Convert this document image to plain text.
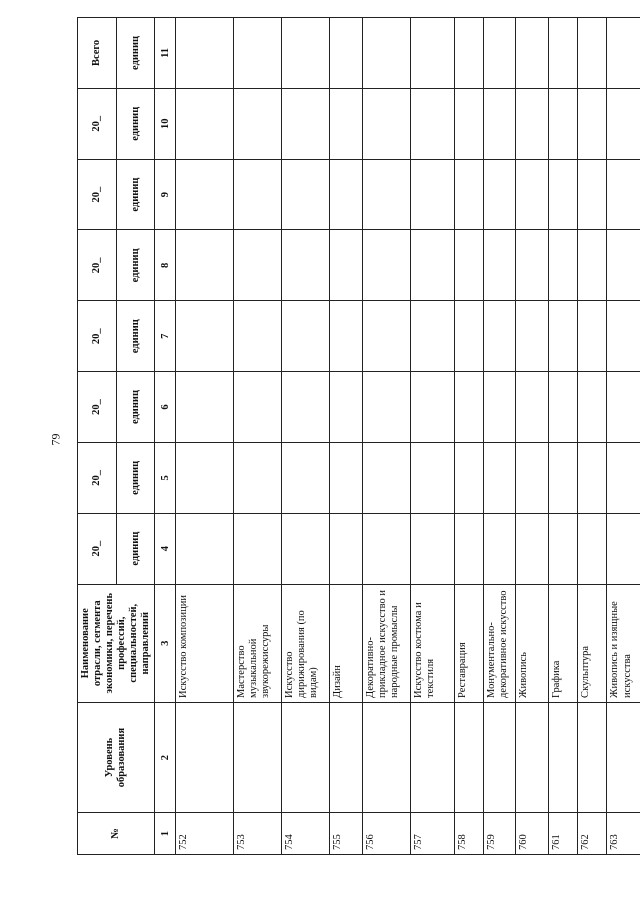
79
№	Уровень образования	Наименование отрасли, сегмента экономики, перечень профессий, специальностей, направлений	20_	20_	20_	20_	20_	20_	20_	Всего
			единиц	единиц	единиц	единиц	единиц	единиц	единиц	единиц
1	2	3	4	5	6	7	8	9	10	11
752		Искусство композиции								
753		Мастерство музыкальной звукорежиссуры								
754		Искусство дирижирования (по видам)								
755		Дизайн								
756		Декоративно-прикладное искусство и народные промыслы								
757		Искусство костюма и текстиля								
758		Реставрация								
759		Монументально-декоративное искусство								
760		Живопись								
761		Графика								
762		Скульптура								
763		Живопись и изящные искусства								
